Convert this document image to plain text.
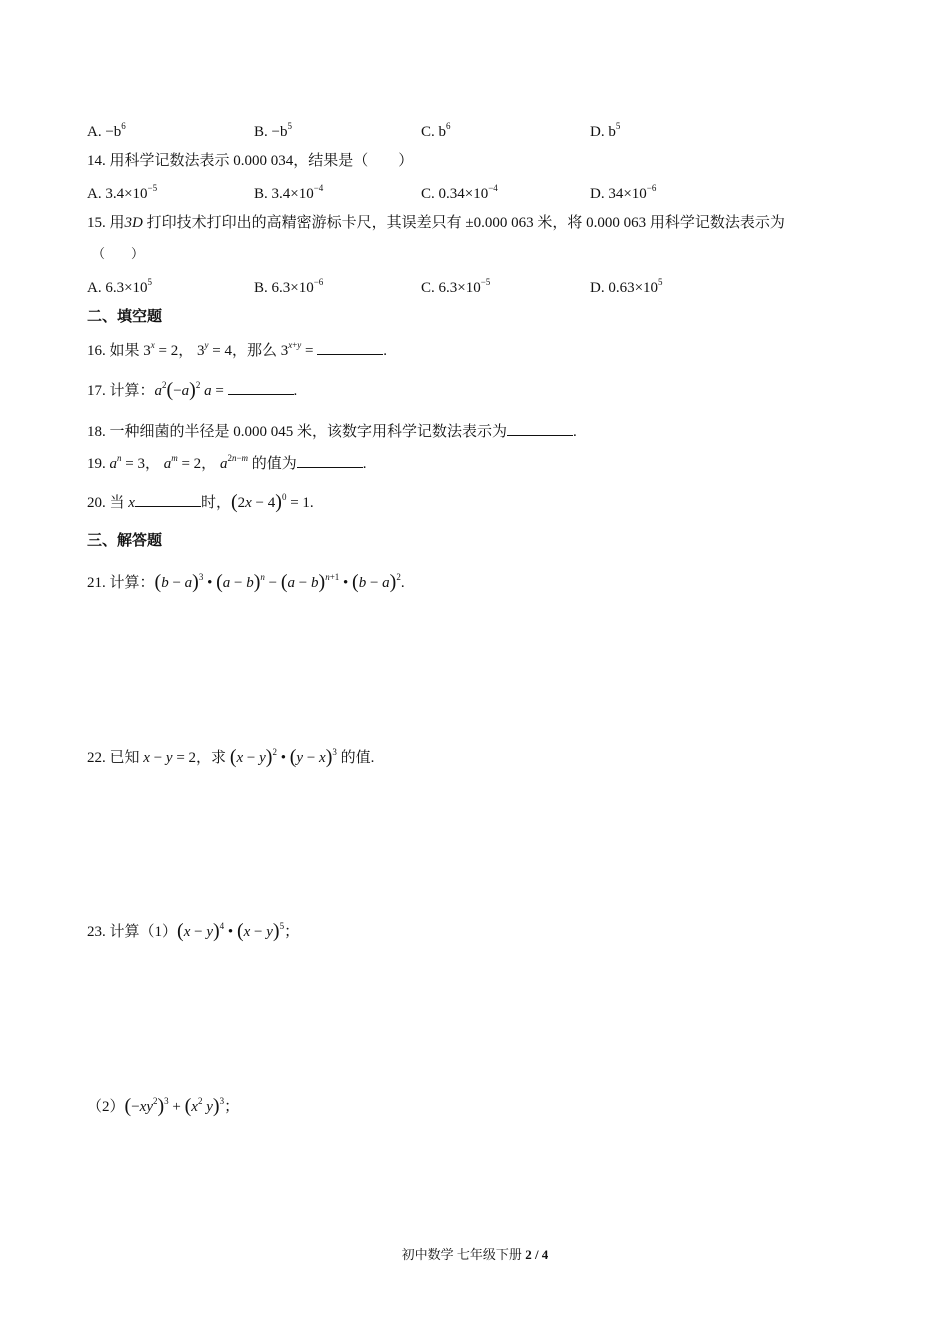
A. $-b^6$	B. $-b^5$	C. $b^6$	D. $b^5$
14. 用科学记数法表示 0.000 034，结果是（　　）
A. $3.4\times 10^{-5}$	B. $3.4\times 10^{-4}$	C. $0.34\times 10^{-4}$	D. $34\times 10^{-6}$
15. 用3D 打印技术打印出的高精密游标卡尺，其误差只有 ±0.000 063 米，将 0.000 063 用科学记数法表示为
（　　）
A. $6.3\times 10^5$	B. $6.3\times 10^{-6}$	C. $6.3\times 10^{-5}$	D. $0.63\times 10^5$
二、填空题
16. 如果 $3^x = 2$， $3^y = 4$，那么 $3^{x+y}$ =	.
17. 计算：$a^2(-a)^2$ a =	.
18. 一种细菌的半径是 0.000 045 米，该数字用科学记数法表示为	.
19. $a^n = 3$， $a^m = 2$， $a^{2n-m}$ 的值为	.
20. 当 x	时，$(2x - 4)^0 = 1$.
三、解答题
21. 计算：$(b - a)^3$ • $(a - b)^n - (a - b)^{n+1}$ • $(b - a)^2$.
22. 已知 x − y = 2，求 $(x - y)^2$ • $(y - x)^3$ 的值.
23. 计算$(1)(x - y)^4$ • $(x - y)^5$；
$(2)(-xy^2)^3 + (x^2$ y)$^3$；
初中数学 七年级下册 2 / 4
